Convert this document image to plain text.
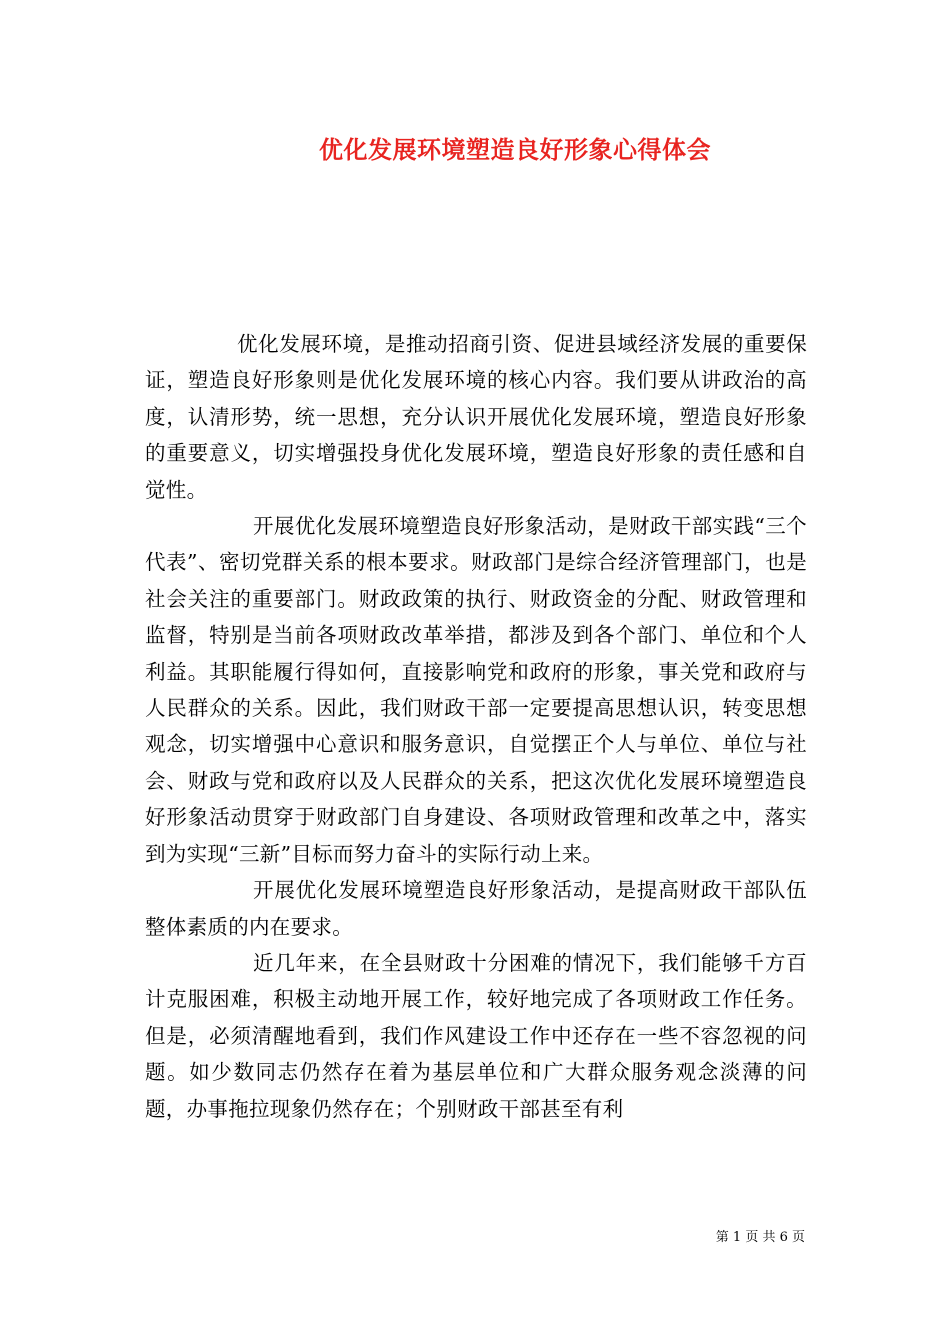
优化发展环境塑造良好形象心得体会

优化发展环境，是推动招商引资、促进县域经济发展的重要保证，塑造良好形象则是优化发展环境的核心内容。我们要从讲政治的高度，认清形势，统一思想，充分认识开展优化发展环境，塑造良好形象的重要意义，切实增强投身优化发展环境，塑造良好形象的责任感和自觉性。

开展优化发展环境塑造良好形象活动，是财政干部实践“三个代表”、密切党群关系的根本要求。财政部门是综合经济管理部门，也是社会关注的重要部门。财政政策的执行、财政资金的分配、财政管理和监督，特别是当前各项财政改革举措，都涉及到各个部门、单位和个人利益。其职能履行得如何，直接影响党和政府的形象，事关党和政府与人民群众的关系。因此，我们财政干部一定要提高思想认识，转变思想观念，切实增强中心意识和服务意识，自觉摆正个人与单位、单位与社会、财政与党和政府以及人民群众的关系，把这次优化发展环境塑造良好形象活动贯穿于财政部门自身建设、各项财政管理和改革之中，落实到为实现“三新”目标而努力奋斗的实际行动上来。

开展优化发展环境塑造良好形象活动，是提高财政干部队伍整体素质的内在要求。

近几年来，在全县财政十分困难的情况下，我们能够千方百计克服困难，积极主动地开展工作，较好地完成了各项财政工作任务。但是，必须清醒地看到，我们作风建设工作中还存在一些不容忽视的问题。如少数同志仍然存在着为基层单位和广大群众服务观念淡薄的问题，办事拖拉现象仍然存在；个别财政干部甚至有利

第 1 页 共 6 页
